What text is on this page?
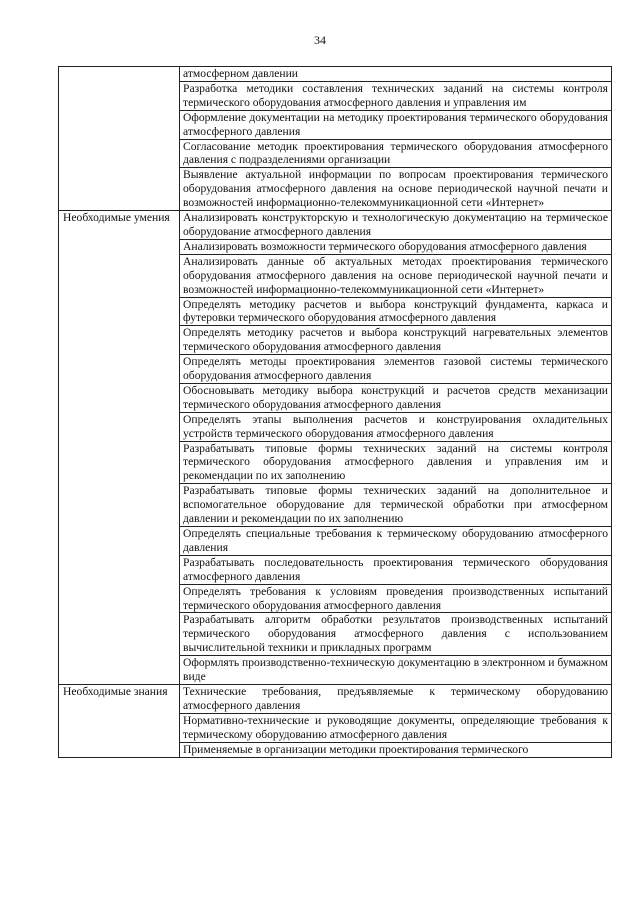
34
	атмосферном давлении
	Разработка методики составления технических заданий на системы контроля термического оборудования атмосферного давления и управления им
	Оформление документации на методику проектирования термического оборудования атмосферного давления
	Согласование методик проектирования термического оборудования атмосферного давления с подразделениями организации
	Выявление актуальной информации по вопросам проектирования термического оборудования атмосферного давления на основе периодической научной печати и возможностей информационно-телекоммуникационной сети «Интернет»
Необходимые умения	Анализировать конструкторскую и технологическую документацию на термическое оборудование атмосферного давления
	Анализировать возможности термического оборудования атмосферного давления
	Анализировать данные об актуальных методах проектирования термического оборудования атмосферного давления на основе периодической научной печати и возможностей информационно-телекоммуникационной сети «Интернет»
	Определять методику расчетов и выбора конструкций фундамента, каркаса и футеровки термического оборудования атмосферного давления
	Определять методику расчетов и выбора конструкций нагревательных элементов термического оборудования атмосферного давления
	Определять методы проектирования элементов газовой системы термического оборудования атмосферного давления
	Обосновывать методику выбора конструкций и расчетов средств механизации термического оборудования атмосферного давления
	Определять этапы выполнения расчетов и конструирования охладительных устройств термического оборудования атмосферного давления
	Разрабатывать типовые формы технических заданий на системы контроля термического оборудования атмосферного давления и управления им и рекомендации по их заполнению
	Разрабатывать типовые формы технических заданий на дополнительное и вспомогательное оборудование для термической обработки при атмосферном давлении и рекомендации по их заполнению
	Определять специальные требования к термическому оборудованию атмосферного давления
	Разрабатывать последовательность проектирования термического оборудования атмосферного давления
	Определять требования к условиям проведения производственных испытаний термического оборудования атмосферного давления
	Разрабатывать алгоритм обработки результатов производственных испытаний термического оборудования атмосферного давления с использованием вычислительной техники и прикладных программ
	Оформлять производственно-техническую документацию в электронном и бумажном виде
Необходимые знания	Технические требования, предъявляемые к термическому оборудованию атмосферного давления
	Нормативно-технические и руководящие документы, определяющие требования к термическому оборудованию атмосферного давления
	Применяемые в организации методики проектирования термического
